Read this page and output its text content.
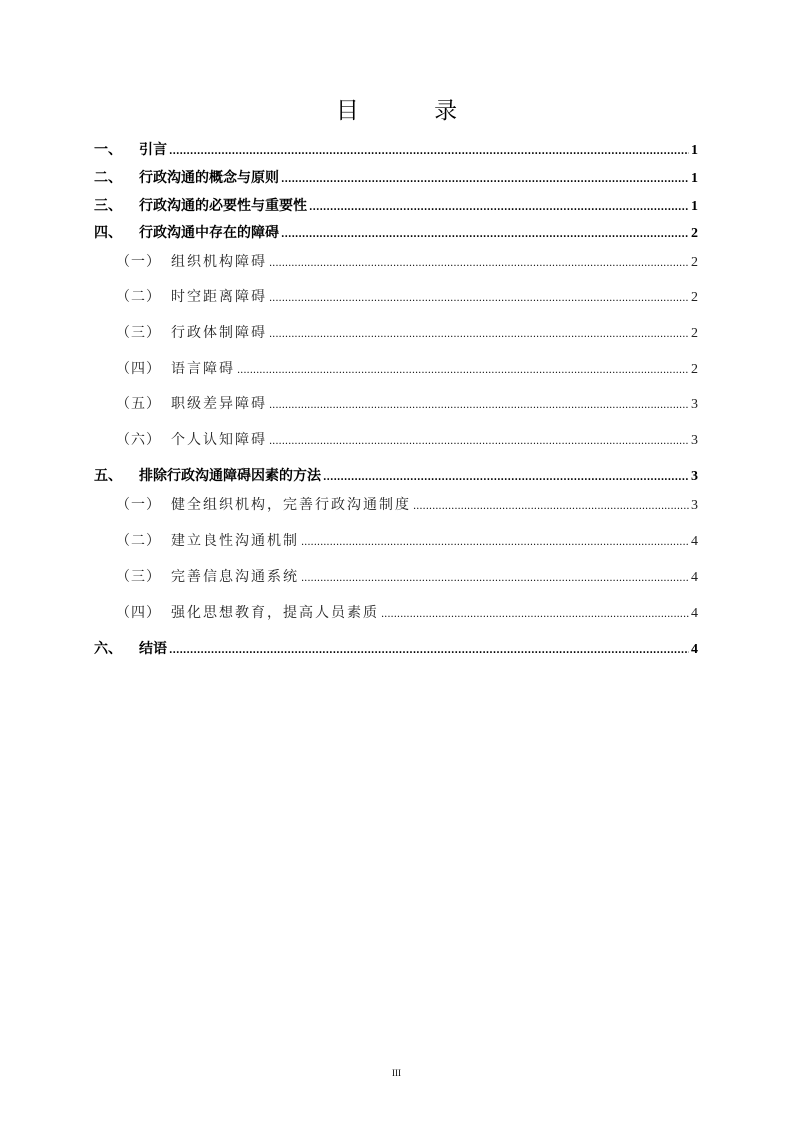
目 录
一、	引言 .....	1
二、	行政沟通的概念与原则 .....	1
三、	行政沟通的必要性与重要性 .....	1
四、	行政沟通中存在的障碍 .....	2
（一） 组织机构障碍 .....	2
（二） 时空距离障碍 .....	2
（三） 行政体制障碍 .....	2
（四） 语言障碍 .....	2
（五） 职级差异障碍 .....	3
（六） 个人认知障碍 .....	3
五、	排除行政沟通障碍因素的方法 .....	3
（一） 健全组织机构，完善行政沟通制度 .....	3
（二） 建立良性沟通机制 .....	4
（三） 完善信息沟通系统 .....	4
（四） 强化思想教育，提高人员素质 .....	4
六、	结语 .....	4
III
